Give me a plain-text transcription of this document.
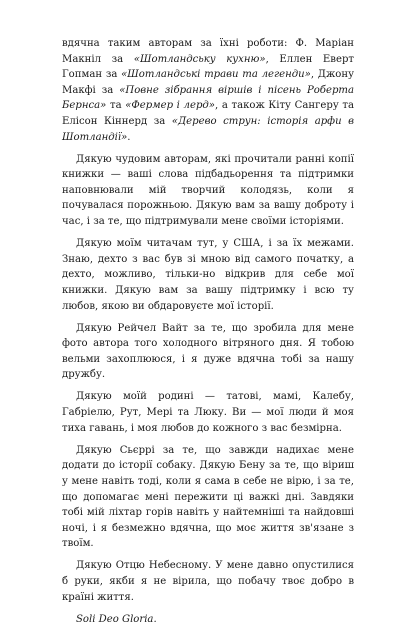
вдячна таким авторам за їхні роботи: Ф. Маріан Макніл за «Шотландську кухню», Еллен Еверт Гопман за «Шотландські трави та легенди», Джону Макфі за «Повне зібрання віршів і пісень Роберта Бернса» та «Фермер і лерд», а також Кіту Сангеру та Елісон Кіннерд за «Дерево струн: історія арфи в Шотландії».

Дякую чудовим авторам, які прочитали ранні копії книжки — ваші слова підбадьорення та підтримки наповнювали мій творчий колодязь, коли я почувалася порожньою. Дякую вам за вашу доброту і час, і за те, що підтримували мене своїми історіями.

Дякую моїм читачам тут, у США, і за їх межами. Знаю, дехто з вас був зі мною від самого початку, а дехто, можливо, тільки-но відкрив для себе мої книжки. Дякую вам за вашу підтримку і всю ту любов, якою ви обдаровуєте мої історії.

Дякую Рейчел Вайт за те, що зробила для мене фото автора того холодного вітряного дня. Я тобою вельми захоплююся, і я дуже вдячна тобі за нашу дружбу.

Дякую моїй родині — татові, мамі, Калебу, Габріелю, Рут, Мері та Люку. Ви — мої люди й моя тиха гавань, і моя любов до кожного з вас безмірна.

Дякую Сьєррі за те, що завжди надихає мене додати до історії собаку. Дякую Бену за те, що віриш у мене навіть тоді, коли я сама в себе не вірю, і за те, що допомагає мені пережити ці важкі дні. Завдяки тобі мій ліхтар горів навіть у найтемніші та найдовші ночі, і я безмежно вдячна, що моє життя зв'язане з твоїм.

Дякую Отцю Небесному. У мене давно опустилися б руки, якби я не вірила, що побачу твоє добро в країні життя.

Soli Deo Gloria.
